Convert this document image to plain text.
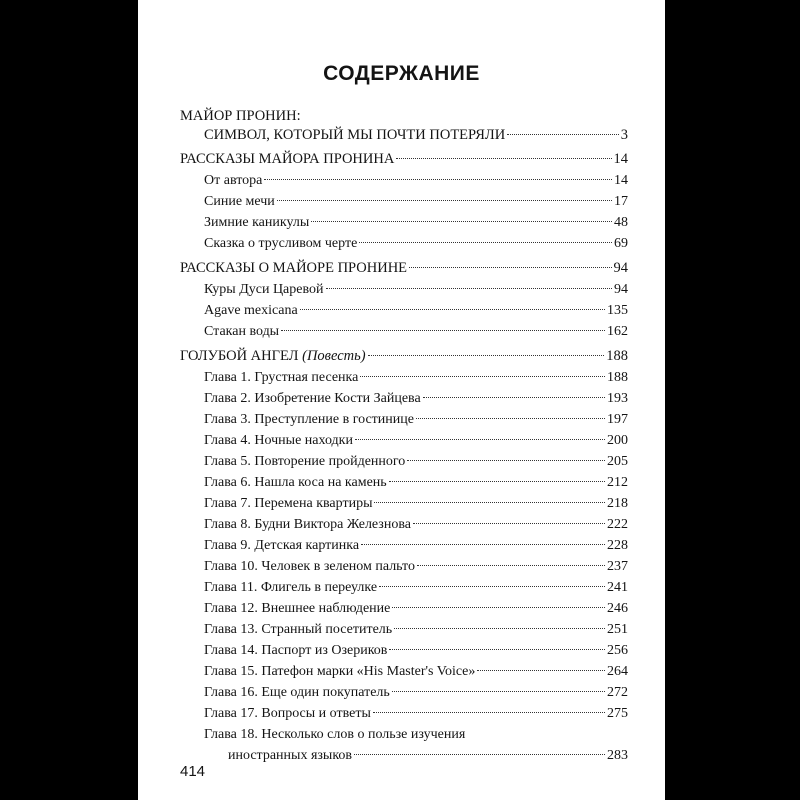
СОДЕРЖАНИЕ
МАЙОР ПРОНИН:
СИМВОЛ, КОТОРЫЙ МЫ ПОЧТИ ПОТЕРЯЛИ	3
РАССКАЗЫ МАЙОРА ПРОНИНА	14
От автора	14
Синие мечи	17
Зимние каникулы	48
Сказка о трусливом черте	69
РАССКАЗЫ О МАЙОРЕ ПРОНИНЕ	94
Куры Дуси Царевой	94
Agave mexicana	135
Стакан воды	162
ГОЛУБОЙ АНГЕЛ (Повесть)	188
Глава 1. Грустная песенка	188
Глава 2. Изобретение Кости Зайцева	193
Глава 3. Преступление в гостинице	197
Глава 4. Ночные находки	200
Глава 5. Повторение пройденного	205
Глава 6. Нашла коса на камень	212
Глава 7. Перемена квартиры	218
Глава 8. Будни Виктора Железнова	222
Глава 9. Детская картинка	228
Глава 10. Человек в зеленом пальто	237
Глава 11. Флигель в переулке	241
Глава 12. Внешнее наблюдение	246
Глава 13. Странный посетитель	251
Глава 14. Паспорт из Озериков	256
Глава 15. Патефон марки «His Master's Voice»	264
Глава 16. Еще один покупатель	272
Глава 17. Вопросы и ответы	275
Глава 18. Несколько слов о пользе изучения
иностранных языков	283
414
